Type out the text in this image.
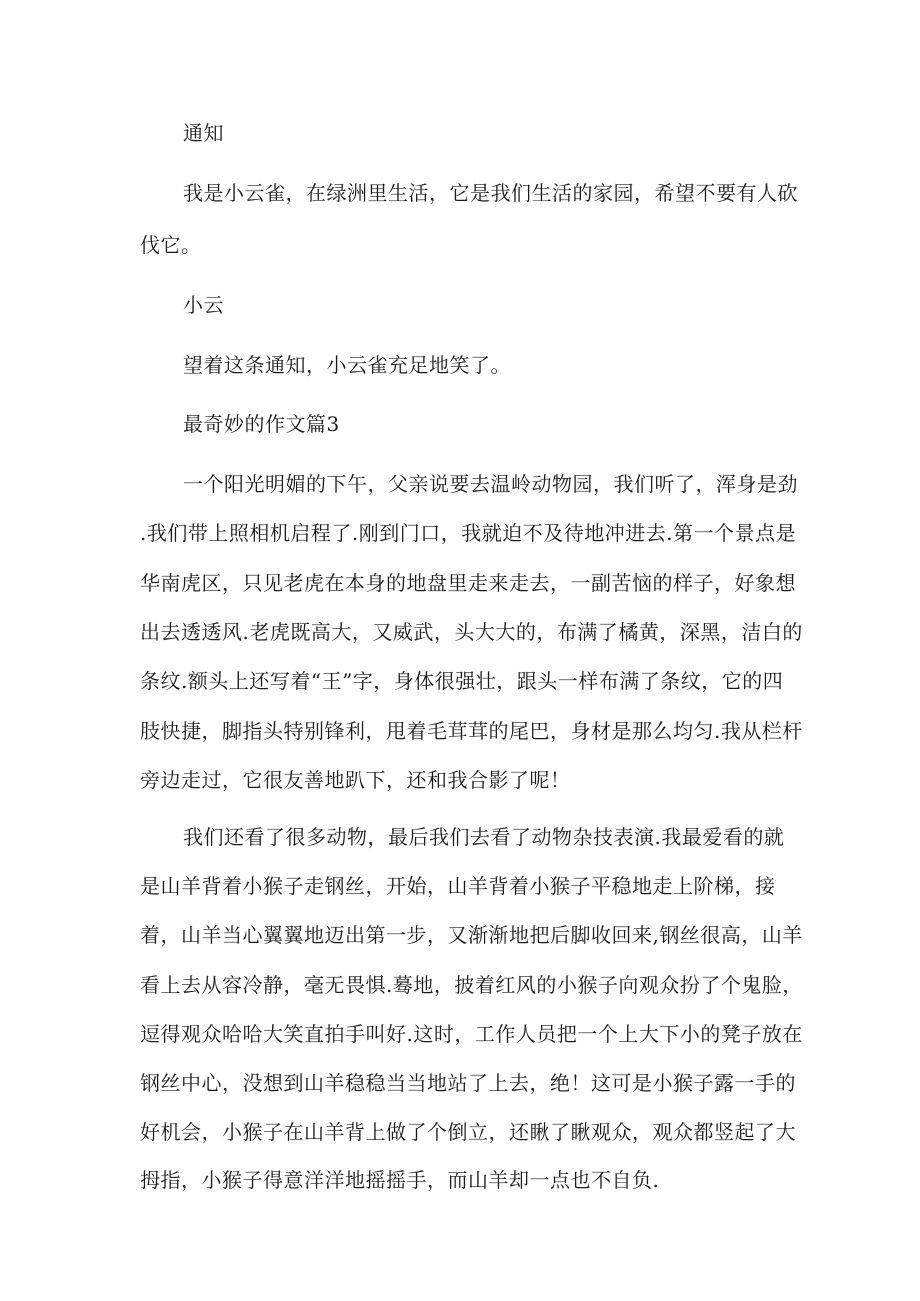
通知
我是小云雀，在绿洲里生活，它是我们生活的家园，希望不要有人砍
伐它。
小云
望着这条通知，小云雀充足地笑了。
最奇妙的作文篇3
一个阳光明媚的下午，父亲说要去温岭动物园，我们听了，浑身是劲
.我们带上照相机启程了.刚到门口，我就迫不及待地冲进去.第一个景点是
华南虎区，只见老虎在本身的地盘里走来走去，一副苦恼的样子，好象想
出去透透风.老虎既高大，又威武，头大大的，布满了橘黄，深黑，洁白的
条纹.额头上还写着“王”字，身体很强壮，跟头一样布满了条纹，它的四
肢快捷，脚指头特别锋利，甩着毛茸茸的尾巴，身材是那么均匀.我从栏杆
旁边走过，它很友善地趴下，还和我合影了呢！
我们还看了很多动物，最后我们去看了动物杂技表演.我最爱看的就
是山羊背着小猴子走钢丝，开始，山羊背着小猴子平稳地走上阶梯，接
着，山羊当心翼翼地迈出第一步，又渐渐地把后脚收回来,钢丝很高，山羊
看上去从容冷静，毫无畏惧.蓦地，披着红风的小猴子向观众扮了个鬼脸，
逗得观众哈哈大笑直拍手叫好.这时，工作人员把一个上大下小的凳子放在
钢丝中心，没想到山羊稳稳当当地站了上去，绝！这可是小猴子露一手的
好机会，小猴子在山羊背上做了个倒立，还瞅了瞅观众，观众都竖起了大
拇指，小猴子得意洋洋地摇摇手，而山羊却一点也不自负.
